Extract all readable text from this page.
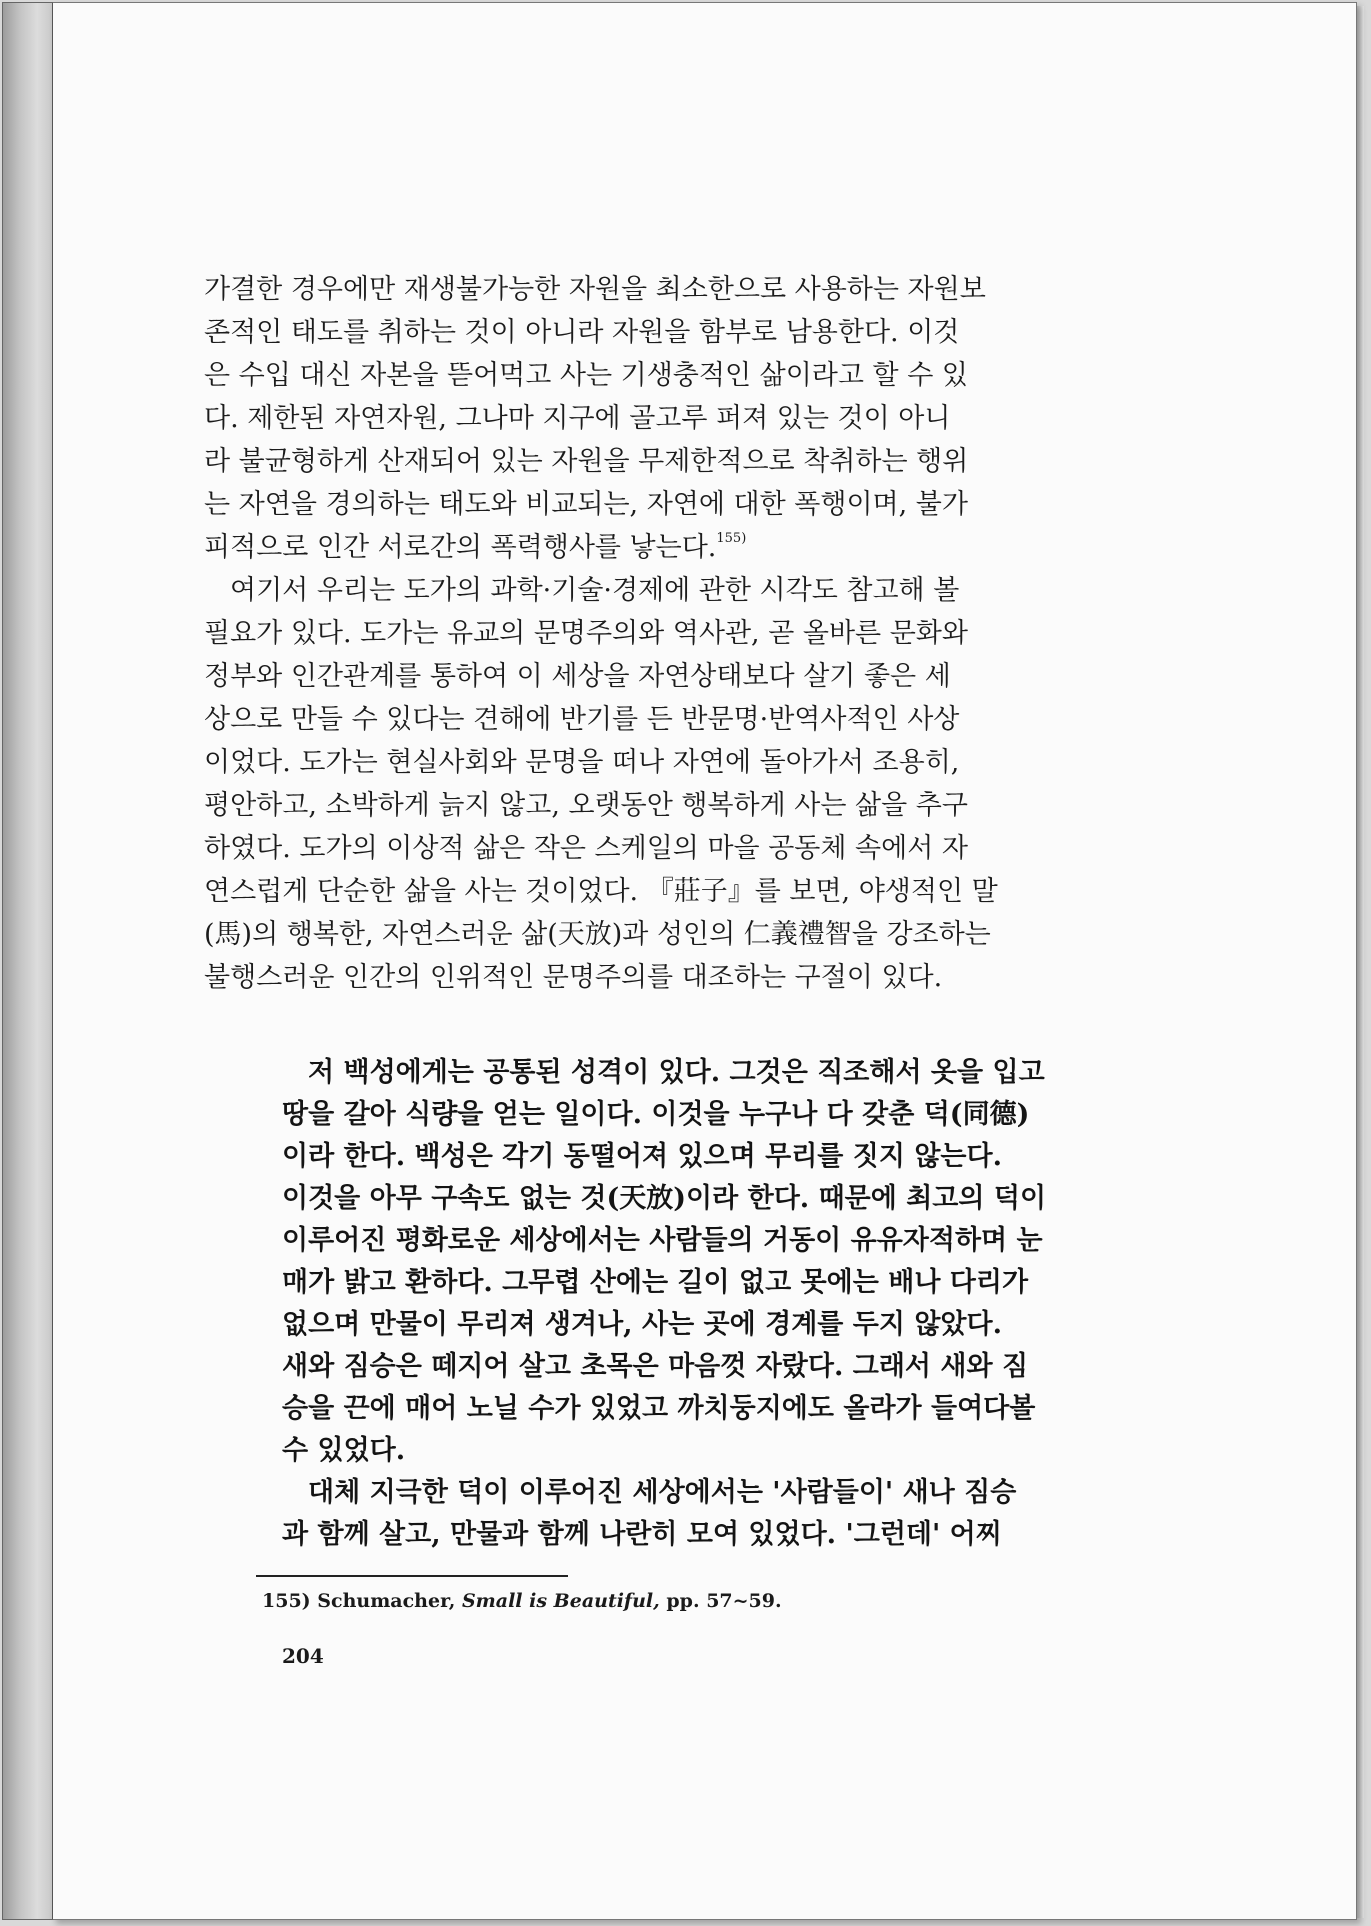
가결한 경우에만 재생불가능한 자원을 최소한으로 사용하는 자원보
존적인 태도를 취하는 것이 아니라 자원을 함부로 남용한다. 이것
은 수입 대신 자본을 뜯어먹고 사는 기생충적인 삶이라고 할 수 있
다. 제한된 자연자원, 그나마 지구에 골고루 퍼져 있는 것이 아니
라 불균형하게 산재되어 있는 자원을 무제한적으로 착취하는 행위
는 자연을 경의하는 태도와 비교되는, 자연에 대한 폭행이며, 불가
피적으로 인간 서로간의 폭력행사를 낳는다.$^{155)}$
여기서 우리는 도가의 과학·기술·경제에 관한 시각도 참고해 볼
필요가 있다. 도가는 유교의 문명주의와 역사관, 곧 올바른 문화와
정부와 인간관계를 통하여 이 세상을 자연상태보다 살기 좋은 세
상으로 만들 수 있다는 견해에 반기를 든 반문명·반역사적인 사상
이었다. 도가는 현실사회와 문명을 떠나 자연에 돌아가서 조용히,
평안하고, 소박하게 늙지 않고, 오랫동안 행복하게 사는 삶을 추구
하였다. 도가의 이상적 삶은 작은 스케일의 마을 공동체 속에서 자
연스럽게 단순한 삶을 사는 것이었다. 『莊子』를 보면, 야생적인 말
(馬)의 행복한, 자연스러운 삶(天放)과 성인의 仁義禮智을 강조하는
불행스러운 인간의 인위적인 문명주의를 대조하는 구절이 있다.
저 백성에게는 공통된 성격이 있다. 그것은 직조해서 옷을 입고
땅을 갈아 식량을 얻는 일이다. 이것을 누구나 다 갖춘 덕(同德)
이라 한다. 백성은 각기 동떨어져 있으며 무리를 짓지 않는다.
이것을 아무 구속도 없는 것(天放)이라 한다. 때문에 최고의 덕이
이루어진 평화로운 세상에서는 사람들의 거동이 유유자적하며 눈
매가 밝고 환하다. 그무렵 산에는 길이 없고 못에는 배나 다리가
없으며 만물이 무리져 생겨나, 사는 곳에 경계를 두지 않았다.
새와 짐승은 떼지어 살고 초목은 마음껏 자랐다. 그래서 새와 짐
승을 끈에 매어 노닐 수가 있었고 까치둥지에도 올라가 들여다볼
수 있었다.
대체 지극한 덕이 이루어진 세상에서는 '사람들이' 새나 짐승
과 함께 살고, 만물과 함께 나란히 모여 있었다. '그런데' 어찌
155) Schumacher, Small is Beautiful, pp. 57~59.
204
